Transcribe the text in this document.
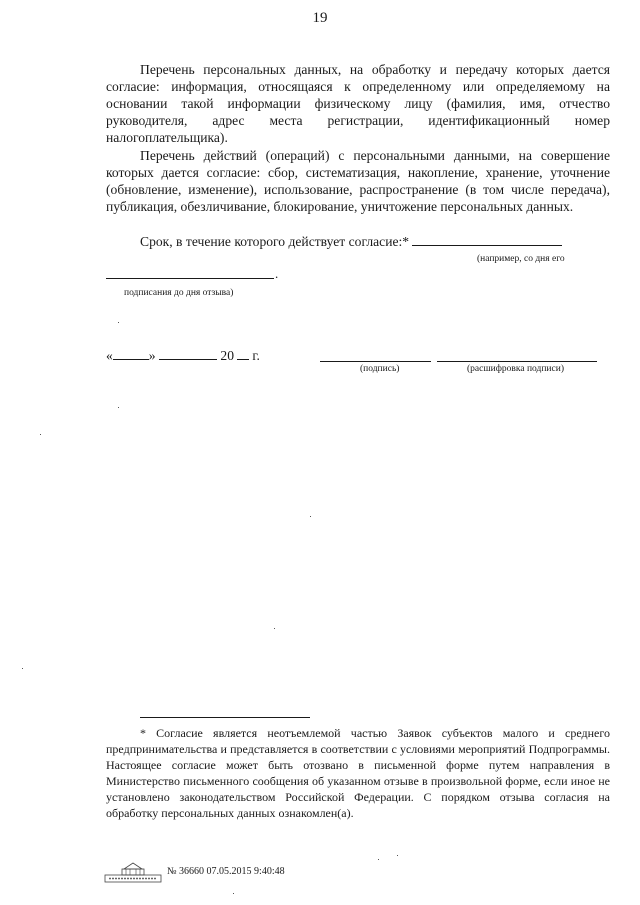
19

Перечень персональных данных, на обработку и передачу которых дается согласие: информация, относящаяся к определенному или определяемому на основании такой информации физическому лицу (фамилия, имя, отчество руководителя, адрес места регистрации, идентификационный номер налогоплательщика).

Перечень действий (операций) с персональными данными, на совершение которых дается согласие: сбор, систематизация, накопление, хранение, уточнение (обновление, изменение), использование, распространение (в том числе передача), публикация, обезличивание, блокирование, уничтожение персональных данных.

Срок, в течение которого действует согласие:*
(например, со дня его
.
подписания до дня отзыва)
«	»	20 г.
(подпись)	(расшифровка подписи)

* Согласие является неотъемлемой частью Заявок субъектов малого и среднего предпринимательства и представляется в соответствии с условиями мероприятий Подпрограммы. Настоящее согласие может быть отозвано в письменной форме путем направления в Министерство письменного сообщения об указанном отзыве в произвольной форме, если иное не установлено законодательством Российской Федерации. С порядком отзыва согласия на обработку персональных данных ознакомлен(а).

№ 36660 07.05.2015 9:40:48
